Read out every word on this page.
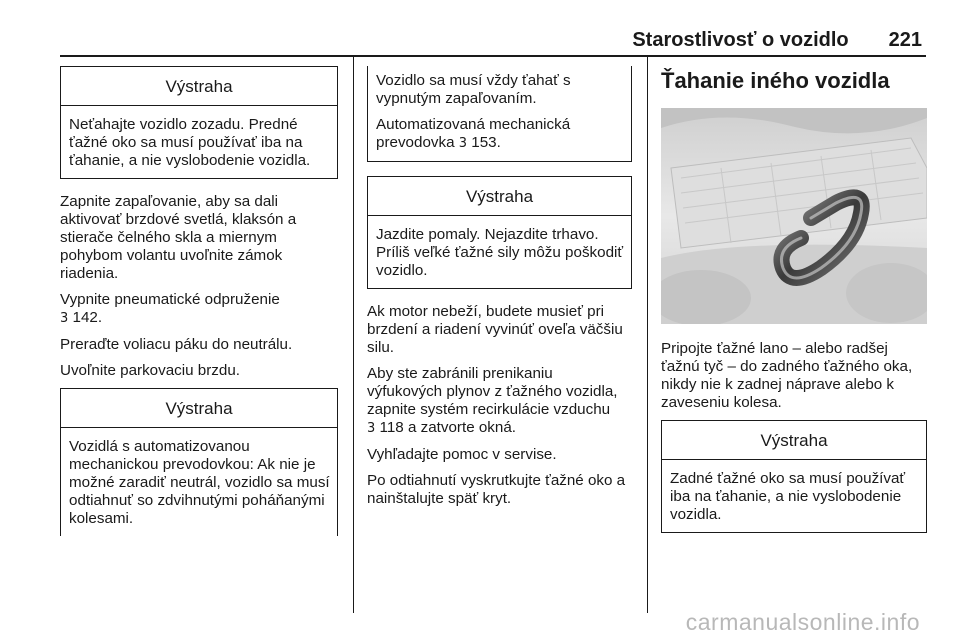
Starostlivosť o vozidlo 221
Výstraha
Neťahajte vozidlo zozadu. Predné ťažné oko sa musí používať iba na ťahanie, a nie vyslobodenie vozidla.

Zapnite zapaľovanie, aby sa dali aktivovať brzdové svetlá, klaksón a stierače čelného skla a miernym pohybom volantu uvoľnite zámok riadenia.

Vypnite pneumatické odpruženie
3 142.

Preraďte voliacu páku do neutrálu.

Uvoľnite parkovaciu brzdu.

Výstraha
Vozidlá s automatizovanou mechanickou prevodovkou: Ak nie je možné zaradiť neutrál, vozidlo sa musí odtiahnuť so zdvihnutými poháňanými kolesami.

Vozidlo sa musí vždy ťahať s vypnutým zapaľovaním.

Automatizovaná mechanická prevodovka 3 153.

Výstraha
Jazdite pomaly. Nejazdite trhavo. Príliš veľké ťažné sily môžu poškodiť vozidlo.

Ak motor nebeží, budete musieť pri brzdení a riadení vyvinúť oveľa väčšiu silu.

Aby ste zabránili prenikaniu výfukových plynov z ťažného vozidla, zapnite systém recirkulácie vzduchu
3 118 a zatvorte okná.

Vyhľadajte pomoc v servise.

Po odtiahnutí vyskrutkujte ťažné oko a nainštalujte späť kryt.

Ťahanie iného vozidla

Pripojte ťažné lano – alebo radšej ťažnú tyč – do zadného ťažného oka, nikdy nie k zadnej náprave alebo k zaveseniu kolesa.

Výstraha
Zadné ťažné oko sa musí používať iba na ťahanie, a nie vyslobodenie vozidla.
carmanualsonline.info
